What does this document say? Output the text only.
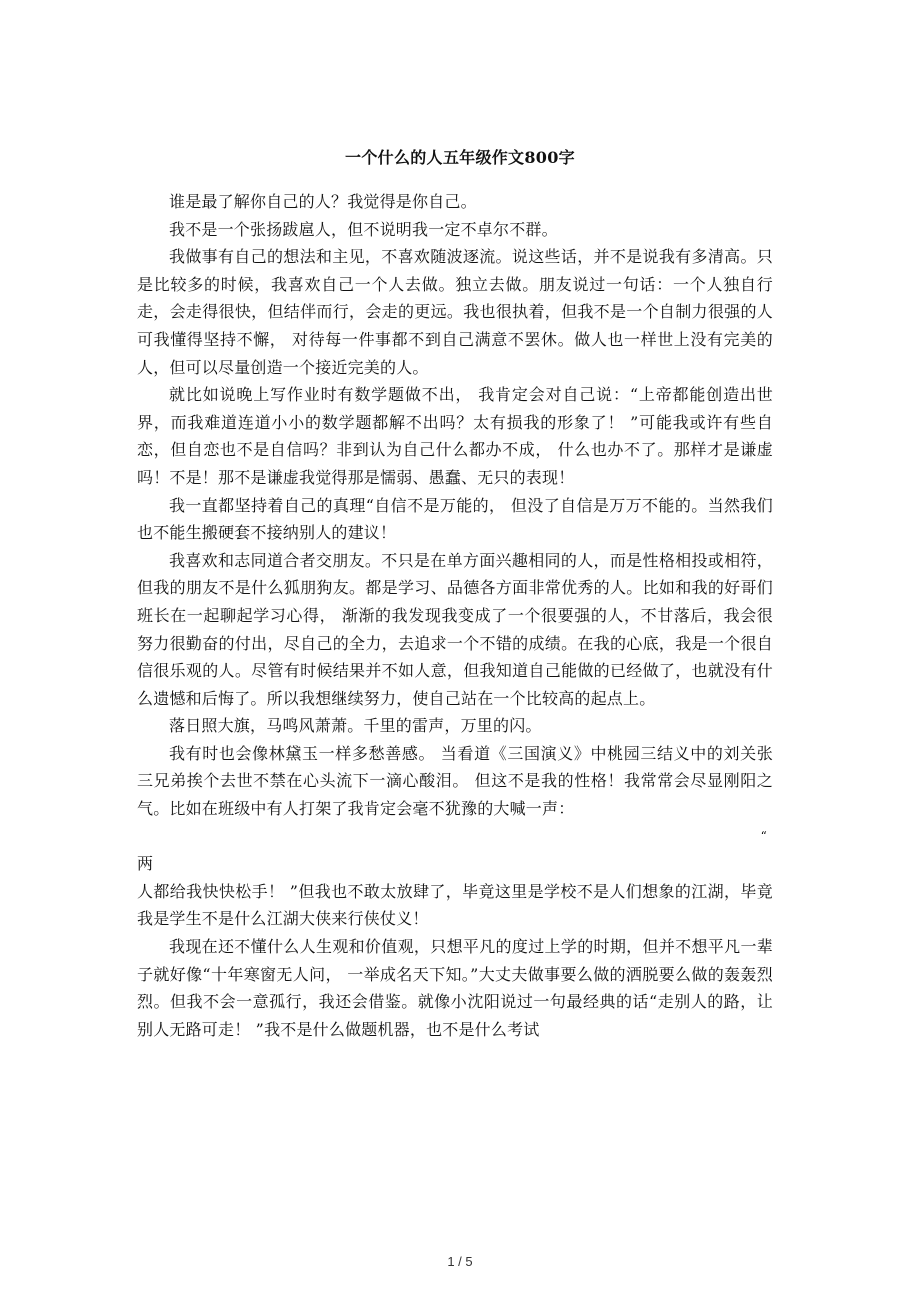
一个什么的人五年级作文800字

谁是最了解你自己的人？我觉得是你自己。

我不是一个张扬跋扈人，但不说明我一定不卓尔不群。

我做事有自己的想法和主见，不喜欢随波逐流。说这些话，并不是说我有多清高。只是比较多的时候，我喜欢自己一个人去做。独立去做。朋友说过一句话：一个人独自行走，会走得很快，但结伴而行，会走的更远。我也很执着，但我不是一个自制力很强的人可我懂得坚持不懈， 对待每一件事都不到自己满意不罢休。做人也一样世上没有完美的人，但可以尽量创造一个接近完美的人。

就比如说晚上写作业时有数学题做不出， 我肯定会对自己说：“上帝都能创造出世界，而我难道连道小小的数学题都解不出吗？太有损我的形象了！ ”可能我或许有些自恋，但自恋也不是自信吗？非到认为自己什么都办不成， 什么也办不了。那样才是谦虚吗！不是！那不是谦虚我觉得那是懦弱、愚蠢、无只的表现！

我一直都坚持着自己的真理“自信不是万能的， 但没了自信是万万不能的。当然我们也不能生搬硬套不接纳别人的建议！

我喜欢和志同道合者交朋友。不只是在单方面兴趣相同的人，而是性格相投或相符，但我的朋友不是什么狐朋狗友。都是学习、品德各方面非常优秀的人。比如和我的好哥们班长在一起聊起学习心得， 渐渐的我发现我变成了一个很要强的人，不甘落后，我会很努力很勤奋的付出，尽自己的全力，去追求一个不错的成绩。在我的心底，我是一个很自信很乐观的人。尽管有时候结果并不如人意，但我知道自己能做的已经做了，也就没有什么遗憾和后悔了。所以我想继续努力，使自己站在一个比较高的起点上。

落日照大旗，马鸣风萧萧。千里的雷声，万里的闪。

我有时也会像林黛玉一样多愁善感。 当看道《三国演义》中桃园三结义中的刘关张三兄弟挨个去世不禁在心头流下一滴心酸泪。 但这不是我的性格！我常常会尽显刚阳之气。比如在班级中有人打架了我肯定会毫不犹豫的大喊一声：

“

两

人都给我快快松手！ ”但我也不敢太放肆了，毕竟这里是学校不是人们想象的江湖，毕竟我是学生不是什么江湖大侠来行侠仗义！

我现在还不懂什么人生观和价值观，只想平凡的度过上学的时期，但并不想平凡一辈子就好像“十年寒窗无人问， 一举成名天下知。”大丈夫做事要么做的洒脱要么做的轰轰烈烈。但我不会一意孤行，我还会借鉴。就像小沈阳说过一句最经典的话“走别人的路，让别人无路可走！ ”我不是什么做题机器，也不是什么考试

1 / 5
